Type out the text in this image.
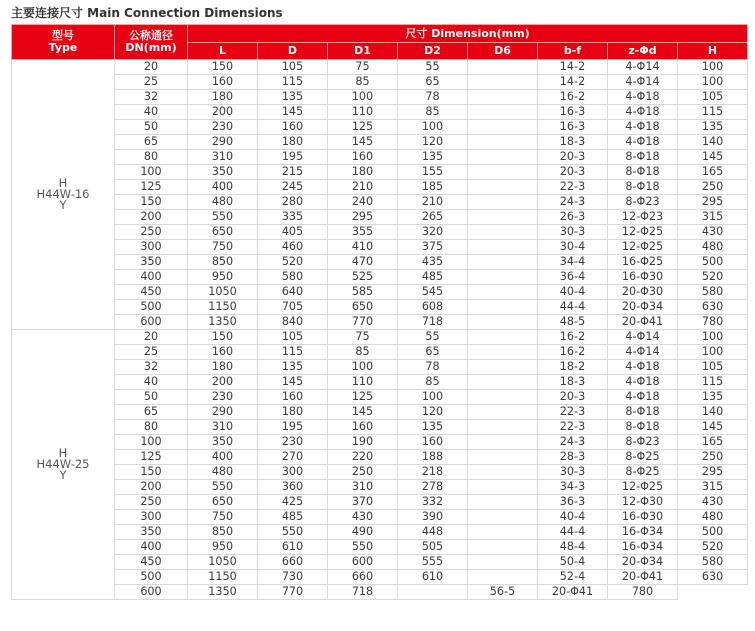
主要连接尺寸 Main Connection Dimensions
型号
Type	公称通径
DN(mm)	尺寸 Dimension(mm)							
		L	D	D1	D2	D6	b-f	z-Φd	H

H
H44W-16
Y	20	150	105	75	55		14-2	4-Φ14	100
	25	160	115	85	65		14-2	4-Φ14	100
	32	180	135	100	78		16-2	4-Φ18	105
	40	200	145	110	85		16-3	4-Φ18	115
	50	230	160	125	100		16-3	4-Φ18	135
	65	290	180	145	120		18-3	4-Φ18	140
	80	310	195	160	135		20-3	8-Φ18	145
	100	350	215	180	155		20-3	8-Φ18	165
	125	400	245	210	185		22-3	8-Φ18	250
	150	480	280	240	210		24-3	8-Φ23	295
	200	550	335	295	265		26-3	12-Φ23	315
	250	650	405	355	320		30-3	12-Φ25	430
	300	750	460	410	375		30-4	12-Φ25	480
	350	850	520	470	435		34-4	16-Φ25	500
	400	950	580	525	485		36-4	16-Φ30	520
	450	1050	640	585	545		40-4	20-Φ30	580
	500	1150	705	650	608		44-4	20-Φ34	630
	600	1350	840	770	718		48-5	20-Φ41	780

H
H44W-25
Y	20	150	105	75	55		16-2	4-Φ14	100
	25	160	115	85	65		16-2	4-Φ14	100
	32	180	135	100	78		18-2	4-Φ18	105
	40	200	145	110	85		18-3	4-Φ18	115
	50	230	160	125	100		20-3	4-Φ18	135
	65	290	180	145	120		22-3	8-Φ18	140
	80	310	195	160	135		22-3	8-Φ18	145
	100	350	230	190	160		24-3	8-Φ23	165
	125	400	270	220	188		28-3	8-Φ25	250
	150	480	300	250	218		30-3	8-Φ25	295
	200	550	360	310	278		34-3	12-Φ25	315
	250	650	425	370	332		36-3	12-Φ30	430
	300	750	485	430	390		40-4	16-Φ30	480
	350	850	550	490	448		44-4	16-Φ34	500
	400	950	610	550	505		48-4	16-Φ34	520
	450	1050	660	600	555		50-4	20-Φ34	580
	500	1150	730	660	610		52-4	20-Φ41	630
	600	1350	770	718		56-5	20-Φ41	780	
